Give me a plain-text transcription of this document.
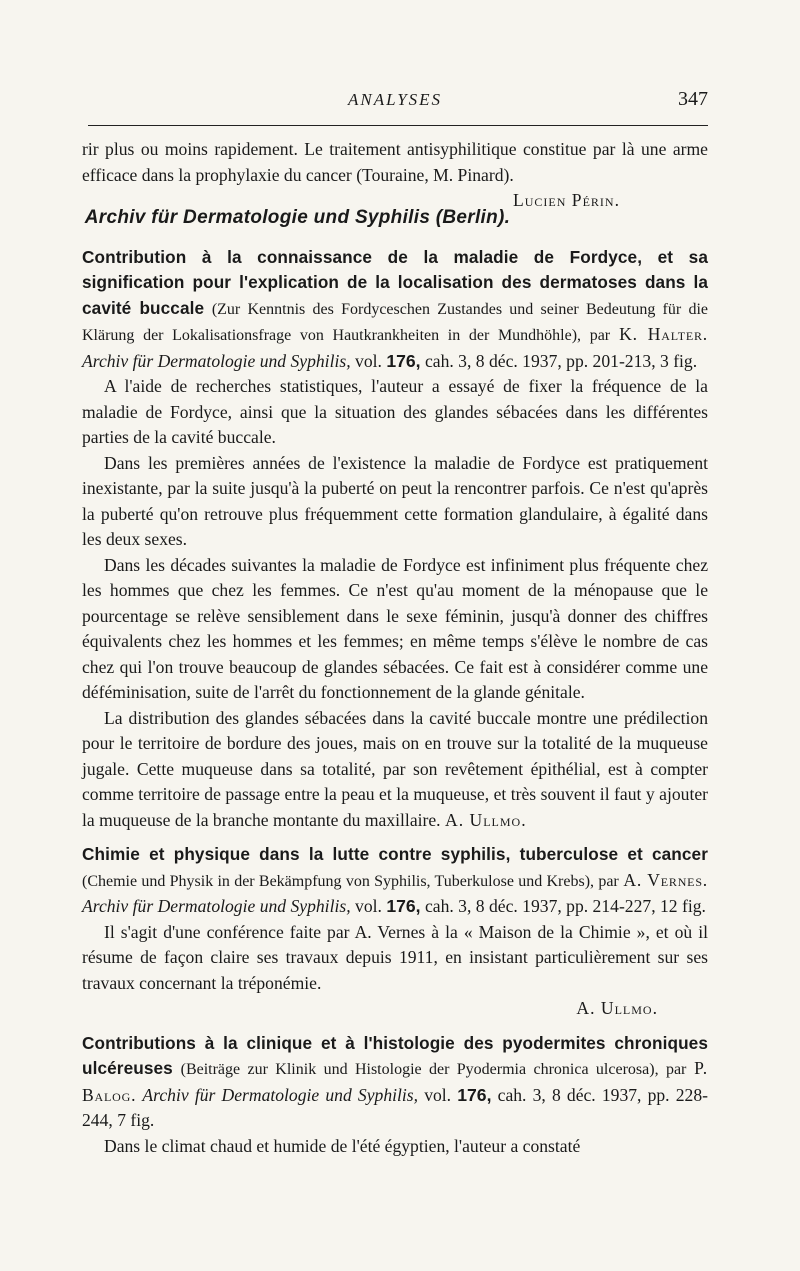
ANALYSES	347

rir plus ou moins rapidement. Le traitement antisyphilitique constitue par là une arme efficace dans la prophylaxie du cancer (Touraine, M. Pinard).
Lucien Périn.

Archiv für Dermatologie und Syphilis (Berlin).

Contribution à la connaissance de la maladie de Fordyce, et sa signification pour l'explication de la localisation des dermatoses dans la cavité buccale (Zur Kenntnis des Fordyceschen Zustandes und seiner Bedeutung für die Klärung der Lokalisationsfrage von Hautkrankheiten in der Mundhöhle), par K. Halter. Archiv für Dermatologie und Syphilis, vol. 176, cah. 3, 8 déc. 1937, pp. 201-213, 3 fig.

A l'aide de recherches statistiques, l'auteur a essayé de fixer la fréquence de la maladie de Fordyce, ainsi que la situation des glandes sébacées dans les différentes parties de la cavité buccale.

Dans les premières années de l'existence la maladie de Fordyce est pratiquement inexistante, par la suite jusqu'à la puberté on peut la rencontrer parfois. Ce n'est qu'après la puberté qu'on retrouve plus fréquemment cette formation glandulaire, à égalité dans les deux sexes.

Dans les décades suivantes la maladie de Fordyce est infiniment plus fréquente chez les hommes que chez les femmes. Ce n'est qu'au moment de la ménopause que le pourcentage se relève sensiblement dans le sexe féminin, jusqu'à donner des chiffres équivalents chez les hommes et les femmes; en même temps s'élève le nombre de cas chez qui l'on trouve beaucoup de glandes sébacées. Ce fait est à considérer comme une déféminisation, suite de l'arrêt du fonctionnement de la glande génitale.

La distribution des glandes sébacées dans la cavité buccale montre une prédilection pour le territoire de bordure des joues, mais on en trouve sur la totalité de la muqueuse jugale. Cette muqueuse dans sa totalité, par son revêtement épithélial, est à compter comme territoire de passage entre la peau et la muqueuse, et très souvent il faut y ajouter la muqueuse de la branche montante du maxillaire. A. Ullmo.

Chimie et physique dans la lutte contre syphilis, tuberculose et cancer (Chemie und Physik in der Bekämpfung von Syphilis, Tuberkulose und Krebs), par A. Vernes. Archiv für Dermatologie und Syphilis, vol. 176, cah. 3, 8 déc. 1937, pp. 214-227, 12 fig.

Il s'agit d'une conférence faite par A. Vernes à la « Maison de la Chimie », et où il résume de façon claire ses travaux depuis 1911, en insistant particulièrement sur ses travaux concernant la tréponémie.

A. Ullmo.

Contributions à la clinique et à l'histologie des pyodermites chroniques ulcéreuses (Beiträge zur Klinik und Histologie der Pyodermia chronica ulcerosa), par P. Balog. Archiv für Dermatologie und Syphilis, vol. 176, cah. 3, 8 déc. 1937, pp. 228-244, 7 fig.

Dans le climat chaud et humide de l'été égyptien, l'auteur a constaté
